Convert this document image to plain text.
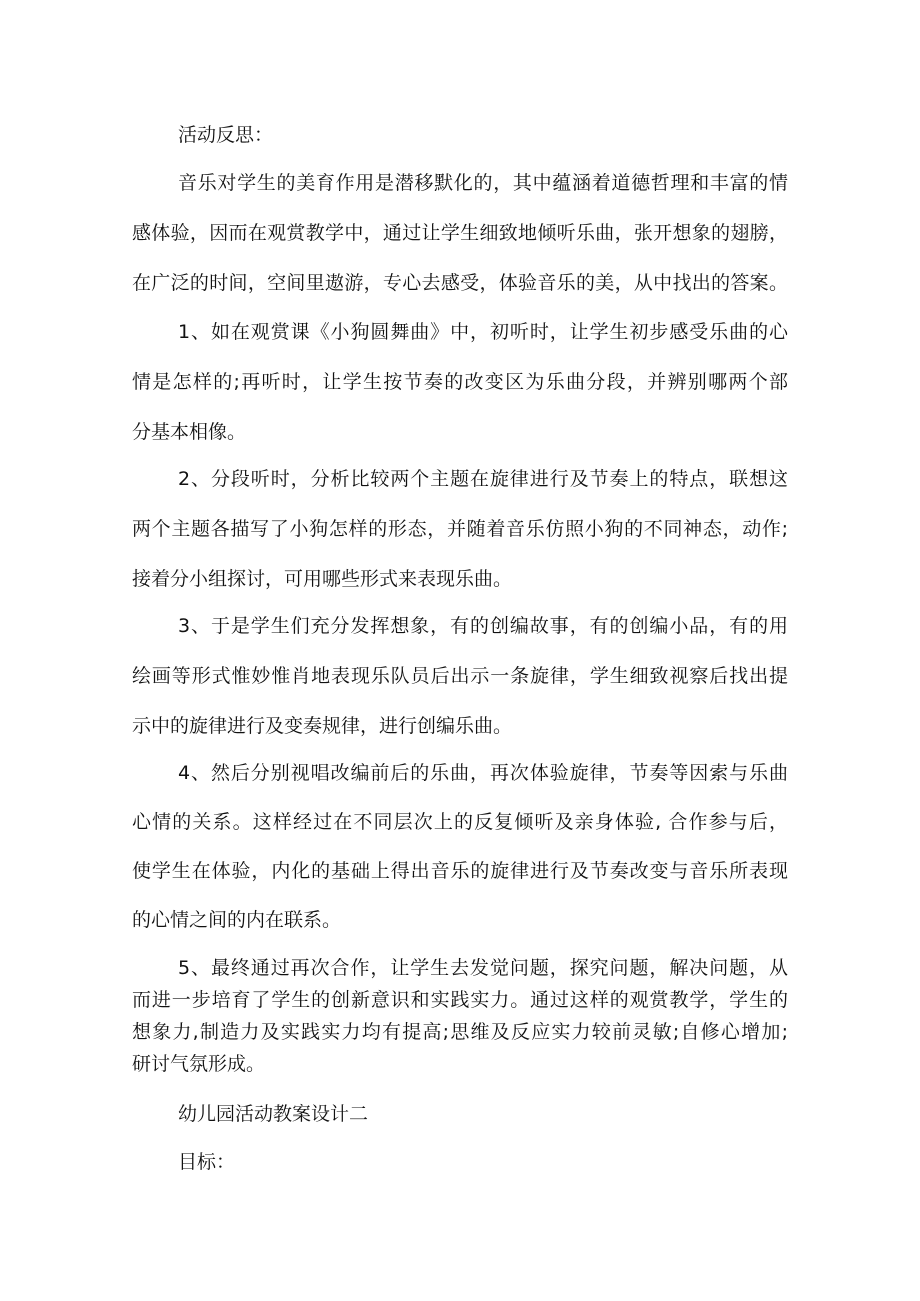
活动反思：
音乐对学生的美育作用是潜移默化的，其中蕴涵着道德哲理和丰富的情
感体验，因而在观赏教学中，通过让学生细致地倾听乐曲，张开想象的翅膀，
在广泛的时间，空间里遨游，专心去感受，体验音乐的美，从中找出的答案。
1、如在观赏课《小狗圆舞曲》中，初听时，让学生初步感受乐曲的心
情是怎样的;再听时，让学生按节奏的改变区为乐曲分段，并辨别哪两个部
分基本相像。
2、分段听时，分析比较两个主题在旋律进行及节奏上的特点，联想这
两个主题各描写了小狗怎样的形态，并随着音乐仿照小狗的不同神态，动作;
接着分小组探讨，可用哪些形式来表现乐曲。
3、于是学生们充分发挥想象，有的创编故事，有的创编小品，有的用
绘画等形式惟妙惟肖地表现乐队员后出示一条旋律，学生细致视察后找出提
示中的旋律进行及变奏规律，进行创编乐曲。
4、然后分别视唱改编前后的乐曲，再次体验旋律，节奏等因索与乐曲
心情的关系。这样经过在不同层次上的反复倾听及亲身体验, 合作参与后，
使学生在体验，内化的基础上得出音乐的旋律进行及节奏改变与音乐所表现
的心情之间的内在联系。
5、最终通过再次合作，让学生去发觉问题，探究问题，解决问题，从
而进一步培育了学生的创新意识和实践实力。通过这样的观赏教学，学生的
想象力,制造力及实践实力均有提高;思维及反应实力较前灵敏;自修心增加;
研讨气氛形成。
幼儿园活动教案设计二
目标：
